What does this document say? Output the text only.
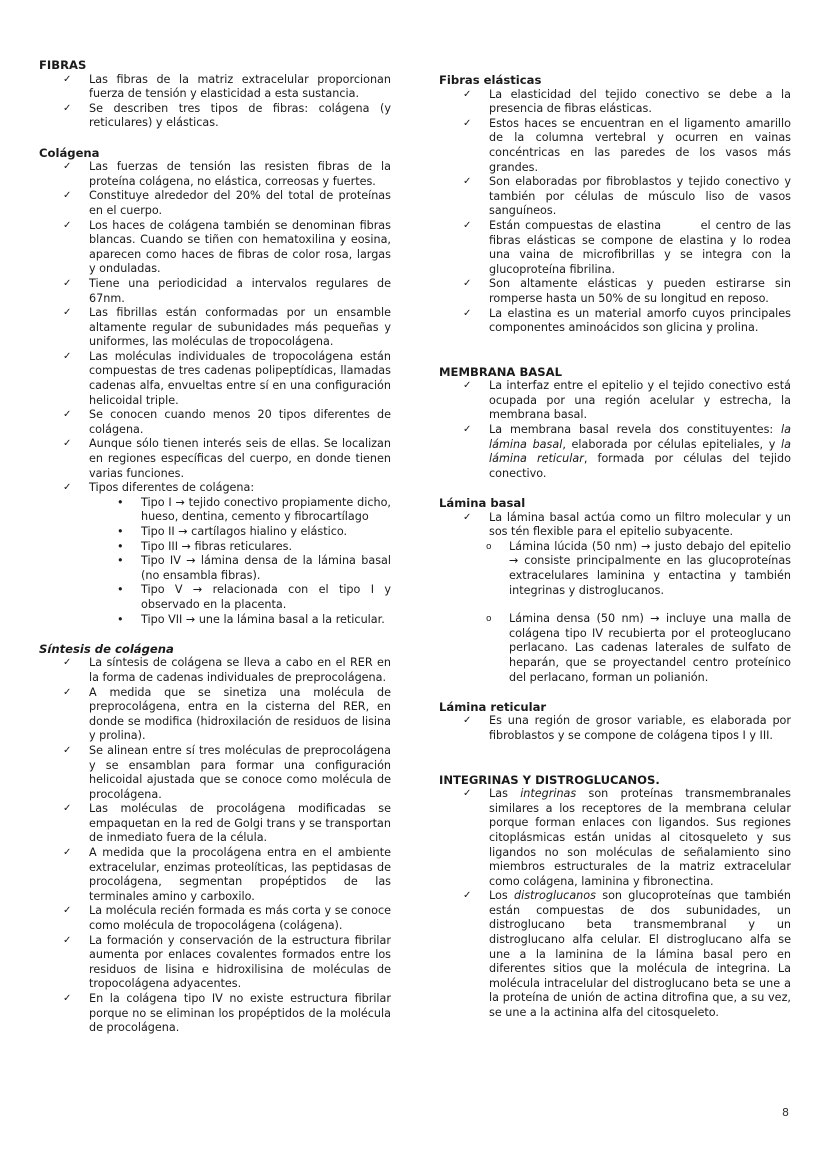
FIBRAS

✓ Las fibras de la matriz extracelular proporcionan fuerza de tensión y elasticidad a esta sustancia.
✓ Se describen tres tipos de fibras: colágena (y reticulares) y elásticas.

Colágena

✓ Las fuerzas de tensión las resisten fibras de la proteína colágena, no elástica, correosas y fuertes.
✓ Constituye alrededor del 20% del total de proteínas en el cuerpo.
✓ Los haces de colágena también se denominan fibras blancas. Cuando se tiñen con hematoxilina y eosina, aparecen como haces de fibras de color rosa, largas y onduladas.
✓ Tiene una periodicidad a intervalos regulares de 67nm.
✓ Las fibrillas están conformadas por un ensamble altamente regular de subunidades más pequeñas y uniformes, las moléculas de tropocolágena.
✓ Las moléculas individuales de tropocolágena están compuestas de tres cadenas polipeptídicas, llamadas cadenas alfa, envueltas entre sí en una configuración helicoidal triple.
✓ Se conocen cuando menos 20 tipos diferentes de colágena.
✓ Aunque sólo tienen interés seis de ellas. Se localizan en regiones específicas del cuerpo, en donde tienen varias funciones.
✓ Tipos diferentes de colágena:
• Tipo I → tejido conectivo propiamente dicho, hueso, dentina, cemento y fibrocartílago
• Tipo II → cartílagos hialino y elástico.
• Tipo III → fibras reticulares.
• Tipo IV → lámina densa de la lámina basal (no ensambla fibras).
• Tipo V → relacionada con el tipo I y observado en la placenta.
• Tipo VII → une la lámina basal a la reticular.

Síntesis de colágena

✓ La síntesis de colágena se lleva a cabo en el RER en la forma de cadenas individuales de preprocolágena.
✓ A medida que se sinetiza una molécula de preprocolágena, entra en la cisterna del RER, en donde se modifica (hidroxilación de residuos de lisina y prolina).
✓ Se alinean entre sí tres moléculas de preprocolágena y se ensamblan para formar una configuración helicoidal ajustada que se conoce como molécula de procolágena.
✓ Las moléculas de procolágena modificadas se empaquetan en la red de Golgi trans y se transportan de inmediato fuera de la célula.
✓ A medida que la procolágena entra en el ambiente extracelular, enzimas proteolíticas, las peptidasas de procolágena, segmentan propéptidos de las terminales amino y carboxilo.
✓ La molécula recién formada es más corta y se conoce como molécula de tropocolágena (colágena).
✓ La formación y conservación de la estructura fibrilar aumenta por enlaces covalentes formados entre los residuos de lisina e hidroxilisina de moléculas de tropocolágena adyacentes.
✓ En la colágena tipo IV no existe estructura fibrilar porque no se eliminan los propéptidos de la molécula de procolágena.

Fibras elásticas

✓ La elasticidad del tejido conectivo se debe a la presencia de fibras elásticas.
✓ Estos haces se encuentran en el ligamento amarillo de la columna vertebral y ocurren en vainas concéntricas en las paredes de los vasos más grandes.
✓ Son elaboradas por fibroblastos y tejido conectivo y también por células de músculo liso de vasos sanguíneos.
✓ Están compuestas de elastina        el centro de las fibras elásticas se compone de elastina y lo rodea una vaina de microfibrillas y se integra con la glucoproteína fibrilina.
✓ Son altamente elásticas y pueden estirarse sin romperse hasta un 50% de su longitud en reposo.
✓ La elastina es un material amorfo cuyos principales componentes aminoácidos son glicina y prolina.

MEMBRANA BASAL

✓ La interfaz entre el epitelio y el tejido conectivo está ocupada por una región acelular y estrecha, la membrana basal.
✓ La membrana basal revela dos constituyentes: la lámina basal, elaborada por células epiteliales, y la lámina reticular, formada por células del tejido conectivo.

Lámina basal

✓ La lámina basal actúa como un filtro molecular y un sos tén flexible para el epitelio subyacente.
o Lámina lúcida (50 nm) → justo debajo del epitelio → consiste principalmente en las glucoproteínas extracelulares laminina y entactina y también integrinas y distroglucanos.
o Lámina densa (50 nm) → incluye una malla de colágena tipo IV recubierta por el proteoglucano perlacano. Las cadenas laterales de sulfato de heparán, que se proyectandel centro proteínico del perlacano, forman un polianión.

Lámina reticular

✓ Es una región de grosor variable, es elaborada por fibroblastos y se compone de colágena tipos I y III.

INTEGRINAS Y DISTROGLUCANOS.

✓ Las integrinas son proteínas transmembranales similares a los receptores de la membrana celular porque forman enlaces con ligandos. Sus regiones citoplásmicas están unidas al citosqueleto y sus ligandos no son moléculas de señalamiento sino miembros estructurales de la matriz extracelular como colágena, laminina y fibronectina.
✓ Los distroglucanos son glucoproteínas que también están compuestas de dos subunidades, un distroglucano beta transmembranal y un distroglucano alfa celular. El distroglucano alfa se une a la laminina de la lámina basal pero en diferentes sitios que la molécula de integrina. La molécula intracelular del distroglucano beta se une a la proteína de unión de actina ditrofina que, a su vez, se une a la actinina alfa del citosqueleto.
8
